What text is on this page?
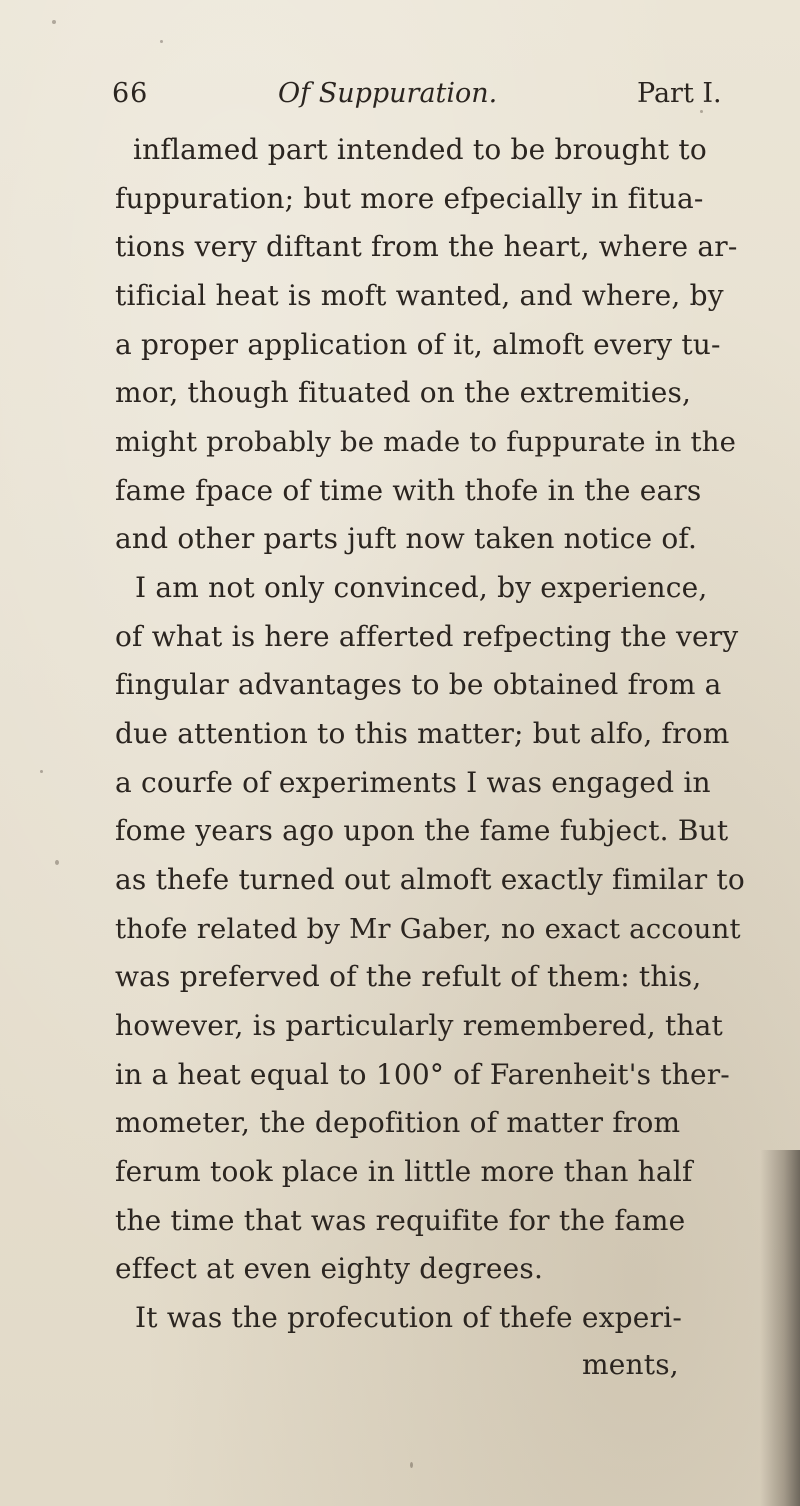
66	Of Suppuration.	Part I.
inflamed part intended to be brought to
fuppuration; but more efpecially in fitua-
tions very diftant from the heart, where ar-
tificial heat is moft wanted, and where, by
a proper application of it, almoft every tu-
mor, though fituated on the extremities,
might probably be made to fuppurate in the
fame fpace of time with thofe in the ears
and other parts juft now taken notice of.
I am not only convinced, by experience,
of what is here afferted refpecting the very
fingular advantages to be obtained from a
due attention to this matter; but alfo, from
a courfe of experiments I was engaged in
fome years ago upon the fame fubject. But
as thefe turned out almoft exactly fimilar to
thofe related by Mr Gaber, no exact account
was preferved of the refult of them: this,
however, is particularly remembered, that
in a heat equal to 100° of Farenheit's ther-
mometer, the depofition of matter from
ferum took place in little more than half
the time that was requifite for the fame
effect at even eighty degrees.
It was the profecution of thefe experi-
ments,
